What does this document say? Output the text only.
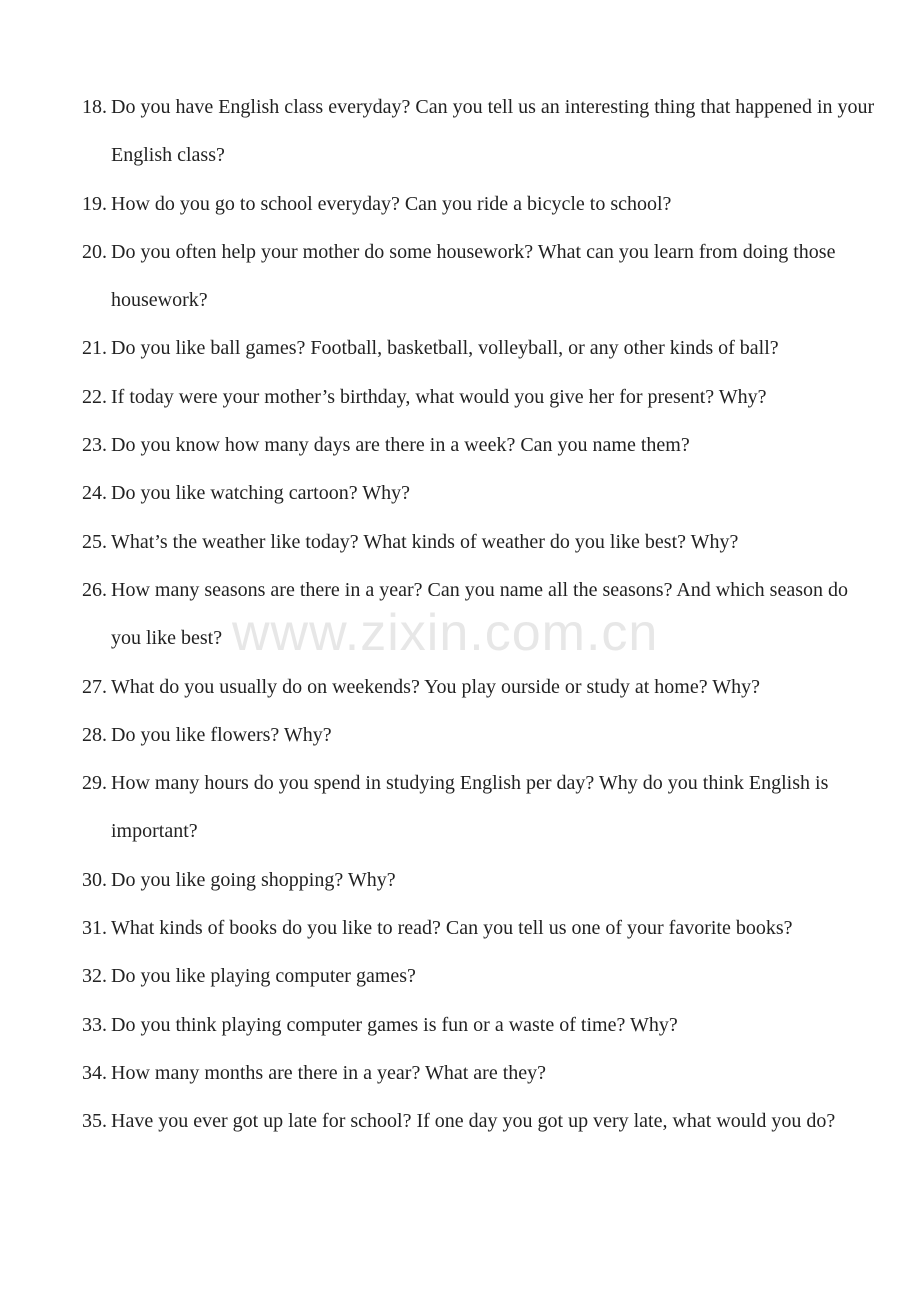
18. Do you have English class everyday? Can you tell us an interesting thing that happened in your English class?
19. How do you go to school everyday? Can you ride a bicycle to school?
20. Do you often help your mother do some housework? What can you learn from doing those housework?
21. Do you like ball games? Football, basketball, volleyball, or any other kinds of ball?
22. If today were your mother’s birthday, what would you give her for present? Why?
23. Do you know how many days are there in a week? Can you name them?
24. Do you like watching cartoon? Why?
25. What’s the weather like today? What kinds of weather do you like best? Why?
26. How many seasons are there in a year? Can you name all the seasons? And which season do you like best?
27. What do you usually do on weekends? You play ourside or study at home? Why?
28. Do you like flowers? Why?
29. How many hours do you spend in studying English per day? Why do you think English is important?
30. Do you like going shopping? Why?
31. What kinds of books do you like to read? Can you tell us one of your favorite books?
32. Do you like playing computer games?
33. Do you think playing computer games is fun or a waste of time? Why?
34. How many months are there in a year? What are they?
35. Have you ever got up late for school? If one day you got up very late, what would you do?
www.zixin.com.cn
